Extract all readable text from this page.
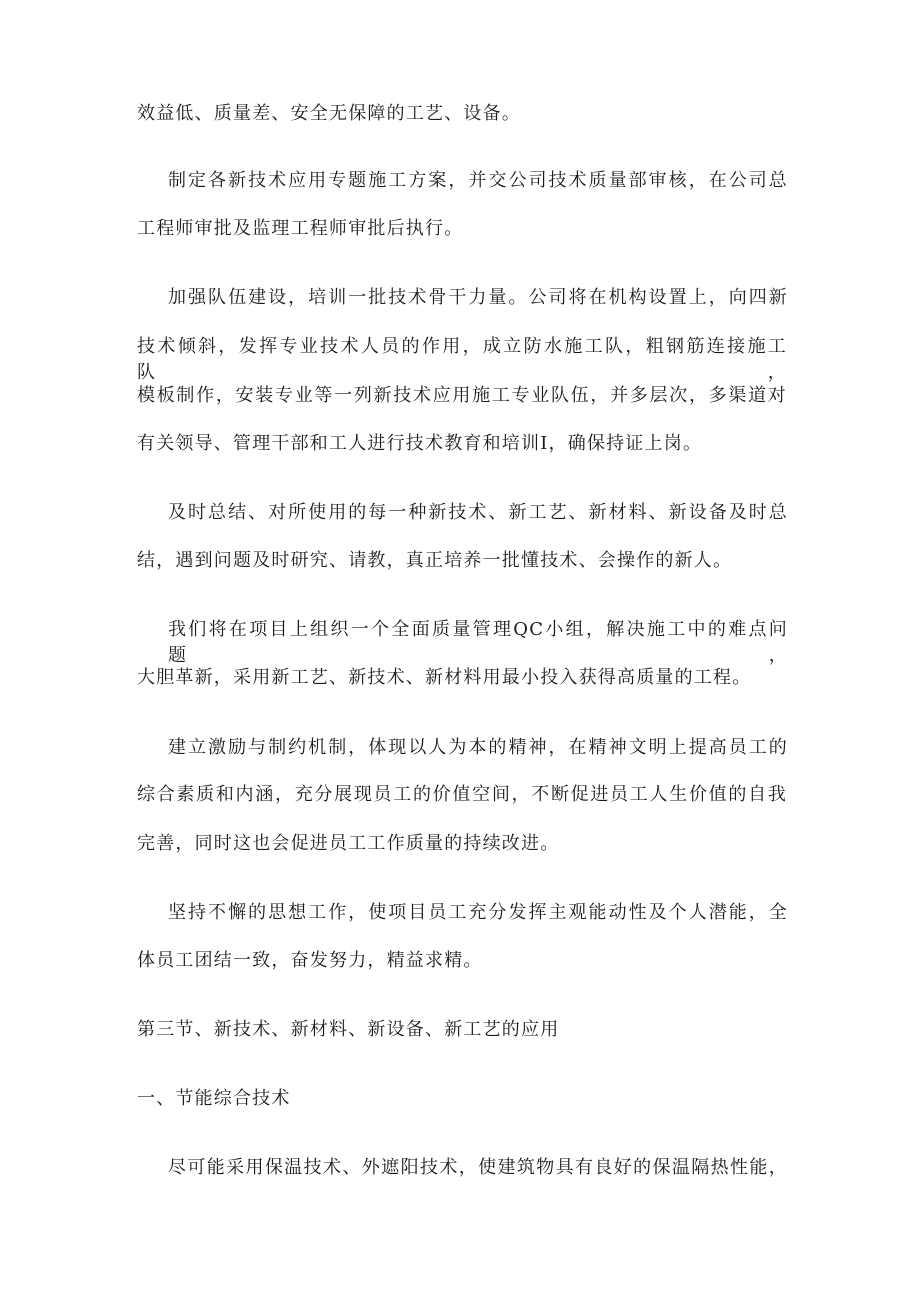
效益低、质量差、安全无保障的工艺、设备。
制定各新技术应用专题施工方案，并交公司技术质量部审核，在公司总
工程师审批及监理工程师审批后执行。
加强队伍建设，培训一批技术骨干力量。公司将在机构设置上，向四新
技术倾斜，发挥专业技术人员的作用，成立防水施工队，粗钢筋连接施工队，
模板制作，安装专业等一列新技术应用施工专业队伍，并多层次，多渠道对
有关领导、管理干部和工人进行技术教育和培训I，确保持证上岗。
及时总结、对所使用的每一种新技术、新工艺、新材料、新设备及时总
结，遇到问题及时研究、请教，真正培养一批懂技术、会操作的新人。
我们将在项目上组织一个全面质量管理QC小组，解决施工中的难点问题，
大胆革新，采用新工艺、新技术、新材料用最小投入获得高质量的工程。
建立激励与制约机制，体现以人为本的精神，在精神文明上提高员工的
综合素质和内涵，充分展现员工的价值空间，不断促进员工人生价值的自我
完善，同时这也会促进员工工作质量的持续改进。
坚持不懈的思想工作，使项目员工充分发挥主观能动性及个人潜能，全
体员工团结一致，奋发努力，精益求精。
第三节、新技术、新材料、新设备、新工艺的应用
一、节能综合技术
尽可能采用保温技术、外遮阳技术，使建筑物具有良好的保温隔热性能，
